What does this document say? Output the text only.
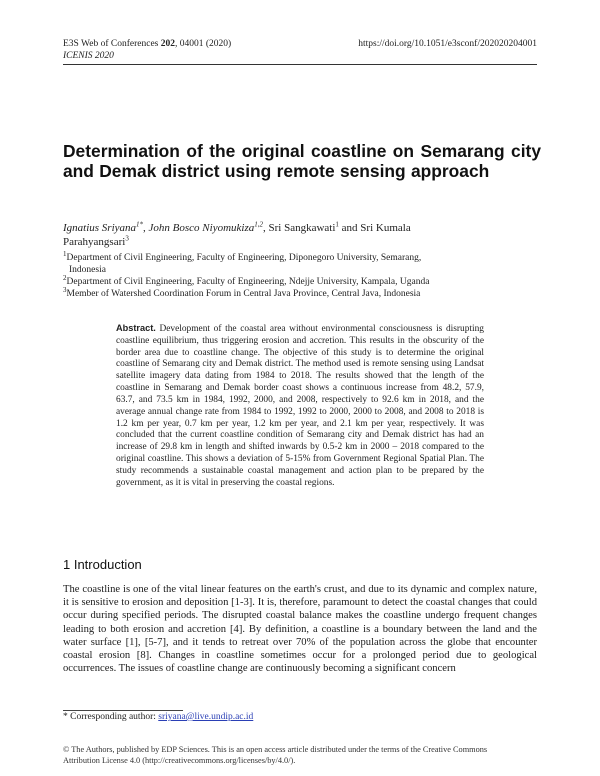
E3S Web of Conferences 202, 04001 (2020)	https://doi.org/10.1051/e3sconf/202020204001
ICENIS 2020
Determination of the original coastline on Semarang city and Demak district using remote sensing approach
Ignatius Sriyana$^{1*}$, John Bosco Niyomukiza$^{1,2}$, Sri Sangkawati$^1$ and Sri Kumala Parahyangsari$^3$
$^1$Department of Civil Engineering, Faculty of Engineering, Diponegoro University, Semarang,
Indonesia
$^2$Department of Civil Engineering, Faculty of Engineering, Ndejje University, Kampala, Uganda
$^3$Member of Watershed Coordination Forum in Central Java Province, Central Java, Indonesia
Abstract. Development of the coastal area without environmental consciousness is disrupting coastline equilibrium, thus triggering erosion and accretion. This results in the obscurity of the border area due to coastline change. The objective of this study is to determine the original coastline of Semarang city and Demak district. The method used is remote sensing using Landsat satellite imagery data dating from 1984 to 2018. The results showed that the length of the coastline in Semarang and Demak border coast shows a continuous increase from 48.2, 57.9, 63.7, and 73.5 km in 1984, 1992, 2000, and 2008, respectively to 92.6 km in 2018, and the average annual change rate from 1984 to 1992, 1992 to 2000, 2000 to 2008, and 2008 to 2018 is 1.2 km per year, 0.7 km per year, 1.2 km per year, and 2.1 km per year, respectively. It was concluded that the current coastline condition of Semarang city and Demak district has had an increase of 29.8 km in length and shifted inwards by 0.5-2 km in 2000 – 2018 compared to the original coastline. This shows a deviation of 5-15% from Government Regional Spatial Plan. The study recommends a sustainable coastal management and action plan to be prepared by the government, as it is vital in preserving the coastal regions.
1 Introduction
The coastline is one of the vital linear features on the earth's crust, and due to its dynamic and complex nature, it is sensitive to erosion and deposition [1-3]. It is, therefore, paramount to detect the coastal changes that could occur during specified periods. The disrupted coastal balance makes the coastline undergo frequent changes leading to both erosion and accretion [4]. By definition, a coastline is a boundary between the land and the water surface [1], [5-7], and it tends to retreat over 70% of the population across the globe that encounter coastal erosion [8]. Changes in coastline sometimes occur for a prolonged period due to geological occurrences. The issues of coastline change are continuously becoming a significant concern
* Corresponding author: sriyana@live.undip.ac.id
© The Authors, published by EDP Sciences. This is an open access article distributed under the terms of the Creative Commons
Attribution License 4.0 (http://creativecommons.org/licenses/by/4.0/).
